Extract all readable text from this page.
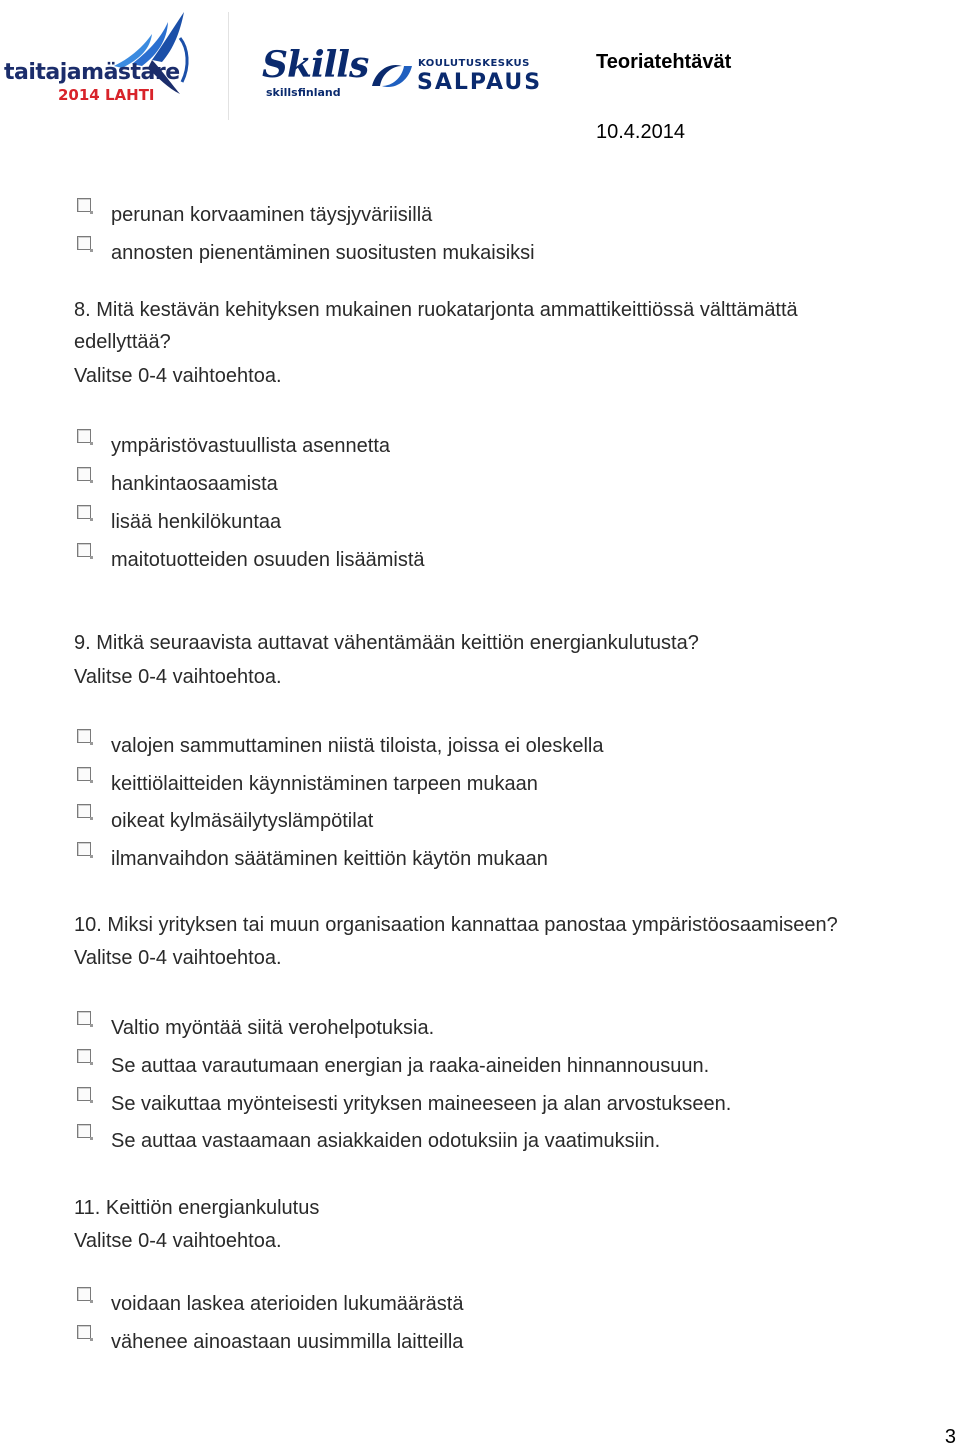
taitajamästare
2014 LAHTI
Skills
skillsfinland
KOULUTUSKESKUS
SALPAUS
Teoriatehtävät
10.4.2014
perunan korvaaminen täysjyväriisillä
annosten pienentäminen suositusten mukaisiksi
8. Mitä kestävän kehityksen mukainen ruokatarjonta ammattikeittiössä välttämättä
edellyttää?
Valitse 0-4 vaihtoehtoa.
ympäristövastuullista asennetta
hankintaosaamista
lisää henkilökuntaa
maitotuotteiden osuuden lisäämistä
9. Mitkä seuraavista auttavat vähentämään keittiön energiankulutusta?
Valitse 0-4 vaihtoehtoa.
valojen sammuttaminen niistä tiloista, joissa ei oleskella
keittiölaitteiden käynnistäminen tarpeen mukaan
oikeat kylmäsäilytyslämpötilat
ilmanvaihdon säätäminen keittiön käytön mukaan
10. Miksi yrityksen tai muun organisaation kannattaa panostaa ympäristöosaamiseen?
Valitse 0-4 vaihtoehtoa.
Valtio myöntää siitä verohelpotuksia.
Se auttaa varautumaan energian ja raaka-aineiden hinnannousuun.
Se vaikuttaa myönteisesti yrityksen maineeseen ja alan arvostukseen.
Se auttaa vastaamaan asiakkaiden odotuksiin ja vaatimuksiin.
11. Keittiön energiankulutus
Valitse 0-4 vaihtoehtoa.
voidaan laskea aterioiden lukumäärästä
vähenee ainoastaan uusimmilla laitteilla
3
